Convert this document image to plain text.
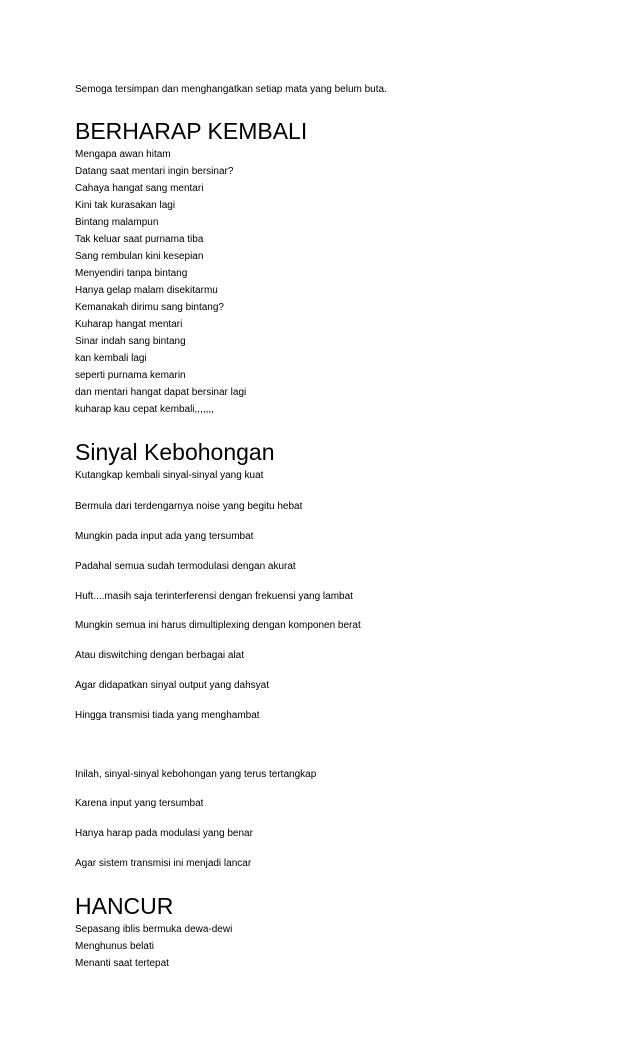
Semoga tersimpan dan menghangatkan setiap mata yang belum buta.
BERHARAP KEMBALI
Mengapa awan hitam
Datang saat mentari ingin bersinar?
Cahaya hangat sang mentari
Kini tak kurasakan lagi
Bintang malampun
Tak keluar saat purnama tiba
Sang rembulan kini kesepian
Menyendiri tanpa bintang
Hanya gelap malam disekitarmu
Kemanakah dirimu sang bintang?
Kuharap hangat mentari
Sinar indah sang bintang
kan kembali lagi
seperti purnama kemarin
dan mentari hangat dapat bersinar lagi
kuharap kau cepat kembali,,,,,,,
Sinyal Kebohongan
Kutangkap kembali sinyal-sinyal yang kuat
Bermula dari terdengarnya noise yang begitu hebat
Mungkin pada input ada yang tersumbat
Padahal semua sudah termodulasi dengan akurat
Huft....masih saja terinterferensi dengan frekuensi yang lambat
Mungkin semua ini harus dimultiplexing dengan komponen berat
Atau diswitching dengan berbagai alat
Agar didapatkan sinyal output yang dahsyat
Hingga transmisi tiada yang menghambat
Inilah, sinyal-sinyal kebohongan yang terus tertangkap
Karena input yang tersumbat
Hanya harap pada modulasi yang benar
Agar sistem transmisi ini menjadi lancar
HANCUR
Sepasang iblis bermuka dewa-dewi
Menghunus belati
Menanti saat tertepat
